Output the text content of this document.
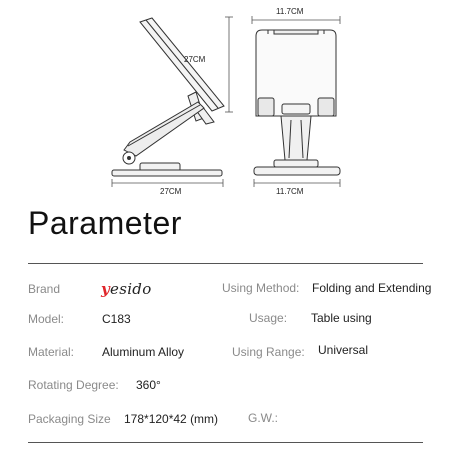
27CM
27CM
11.7CM
11.7CM
Parameter
Brand	yesido	Using Method: Folding and Extending
Model:	C183	Usage: Table using
Material: Aluminum Alloy	Using Range: Universal
Rotating Degree: 360°
Packaging Size 178*120*42 (mm) G.W.:
